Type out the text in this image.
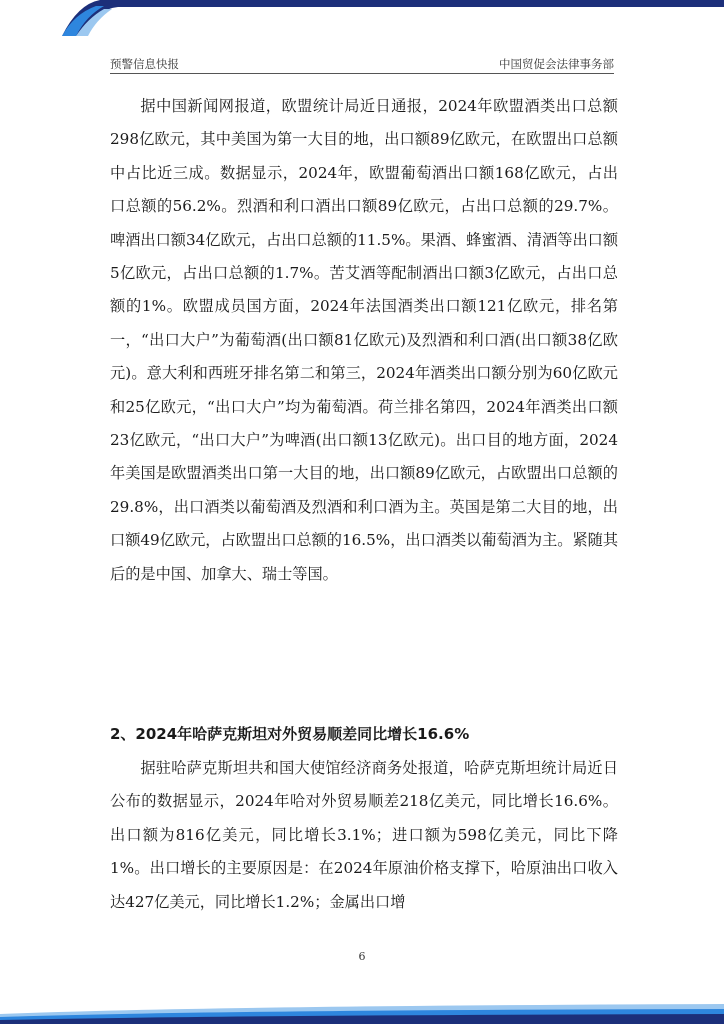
预警信息快报	中国贸促会法律事务部

据中国新闻网报道，欧盟统计局近日通报，2024年欧盟酒类出口总额298亿欧元，其中美国为第一大目的地，出口额89亿欧元，在欧盟出口总额中占比近三成。数据显示，2024年，欧盟葡萄酒出口额168亿欧元，占出口总额的56.2%。烈酒和利口酒出口额89亿欧元，占出口总额的29.7%。啤酒出口额34亿欧元，占出口总额的11.5%。果酒、蜂蜜酒、清酒等出口额5亿欧元，占出口总额的1.7%。苦艾酒等配制酒出口额3亿欧元，占出口总额的1%。欧盟成员国方面，2024年法国酒类出口额121亿欧元，排名第一，“出口大户”为葡萄酒(出口额81亿欧元)及烈酒和利口酒(出口额38亿欧元)。意大利和西班牙排名第二和第三，2024年酒类出口额分别为60亿欧元和25亿欧元，“出口大户”均为葡萄酒。荷兰排名第四，2024年酒类出口额23亿欧元，“出口大户”为啤酒(出口额13亿欧元)。出口目的地方面，2024年美国是欧盟酒类出口第一大目的地，出口额89亿欧元，占欧盟出口总额的29.8%，出口酒类以葡萄酒及烈酒和利口酒为主。英国是第二大目的地，出口额49亿欧元，占欧盟出口总额的16.5%，出口酒类以葡萄酒为主。紧随其后的是中国、加拿大、瑞士等国。

2、2024年哈萨克斯坦对外贸易顺差同比增长16.6%

据驻哈萨克斯坦共和国大使馆经济商务处报道，哈萨克斯坦统计局近日公布的数据显示，2024年哈对外贸易顺差218亿美元，同比增长16.6%。出口额为816亿美元，同比增长3.1%；进口额为598亿美元，同比下降1%。出口增长的主要原因是：在2024年原油价格支撑下，哈原油出口收入达427亿美元，同比增长1.2%；金属出口增

6
